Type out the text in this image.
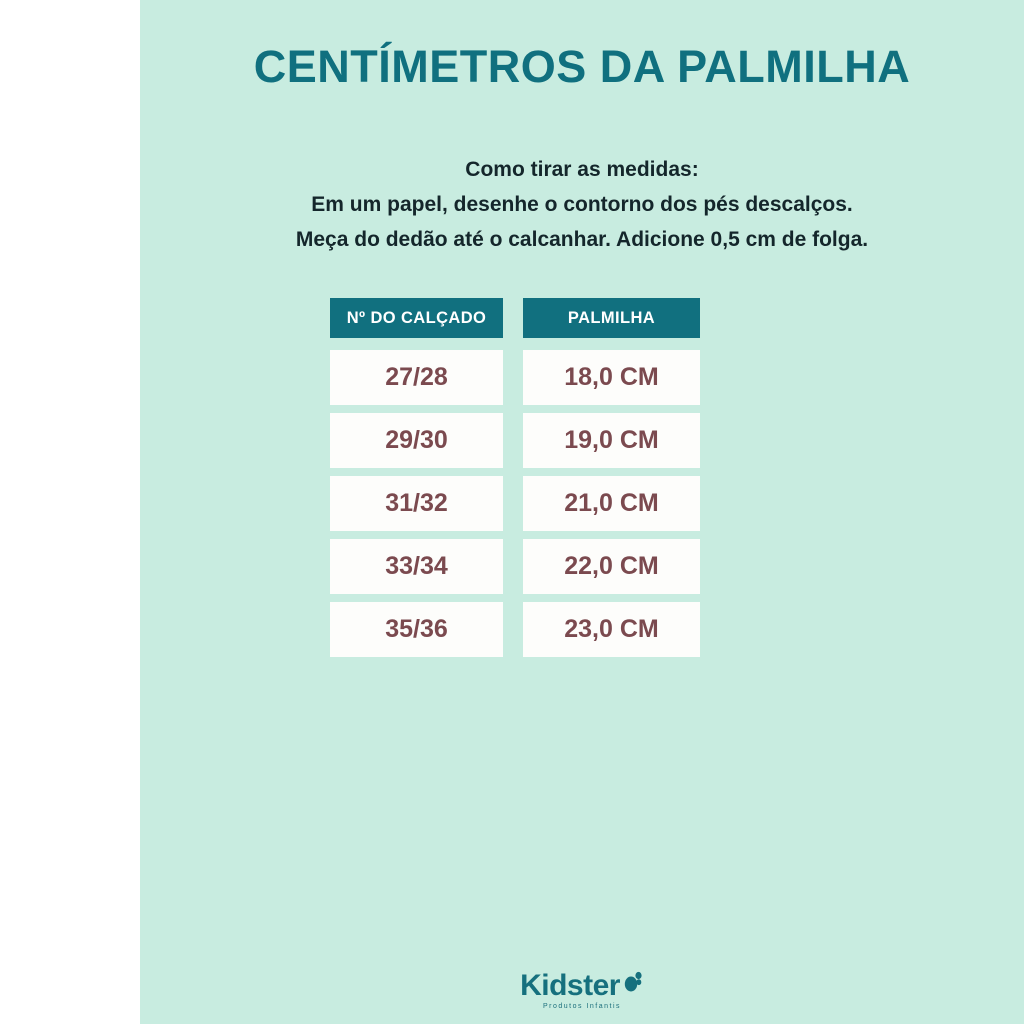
CENTÍMETROS DA PALMILHA
Como tirar as medidas:
Em um papel, desenhe o contorno dos pés descalços.
Meça do dedão até o calcanhar. Adicione 0,5 cm de folga.
Nº DO CALÇADO	PALMILHA
27/28	18,0 CM
29/30	19,0 CM
31/32	21,0 CM
33/34	22,0 CM
35/36	23,0 CM
Kidster
Produtos Infantis
